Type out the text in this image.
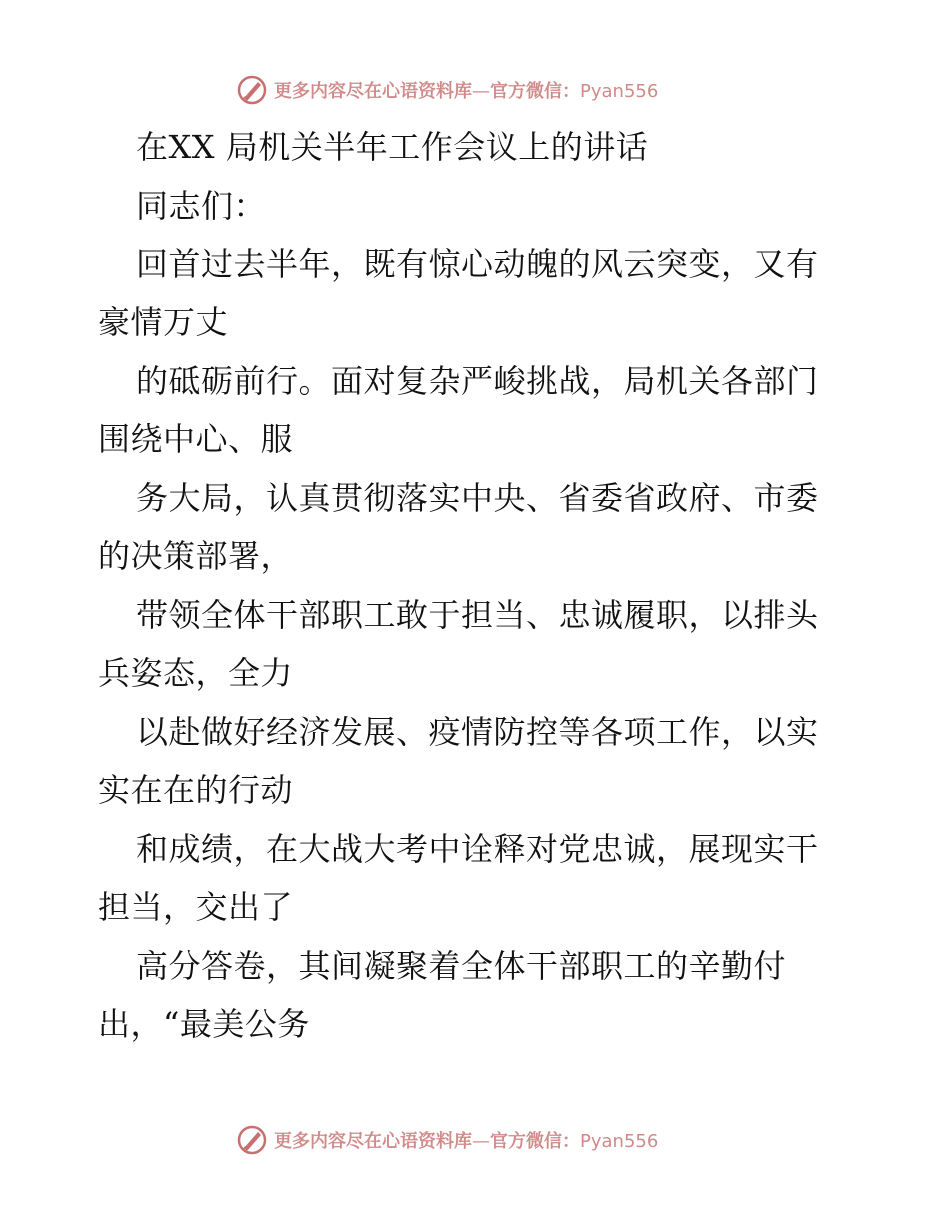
更多内容尽在心语资料库—官方微信：Pyan556
在XX 局机关半年工作会议上的讲话
同志们：
回首过去半年，既有惊心动魄的风云突变，又有
豪情万丈
的砥砺前行。面对复杂严峻挑战，局机关各部门
围绕中心、服
务大局，认真贯彻落实中央、省委省政府、市委
的决策部署，
带领全体干部职工敢于担当、忠诚履职，以排头
兵姿态，全力
以赴做好经济发展、疫情防控等各项工作，以实
实在在的行动
和成绩，在大战大考中诠释对党忠诚，展现实干
担当，交出了
高分答卷，其间凝聚着全体干部职工的辛勤付
出，“最美公务
更多内容尽在心语资料库—官方微信：Pyan556
